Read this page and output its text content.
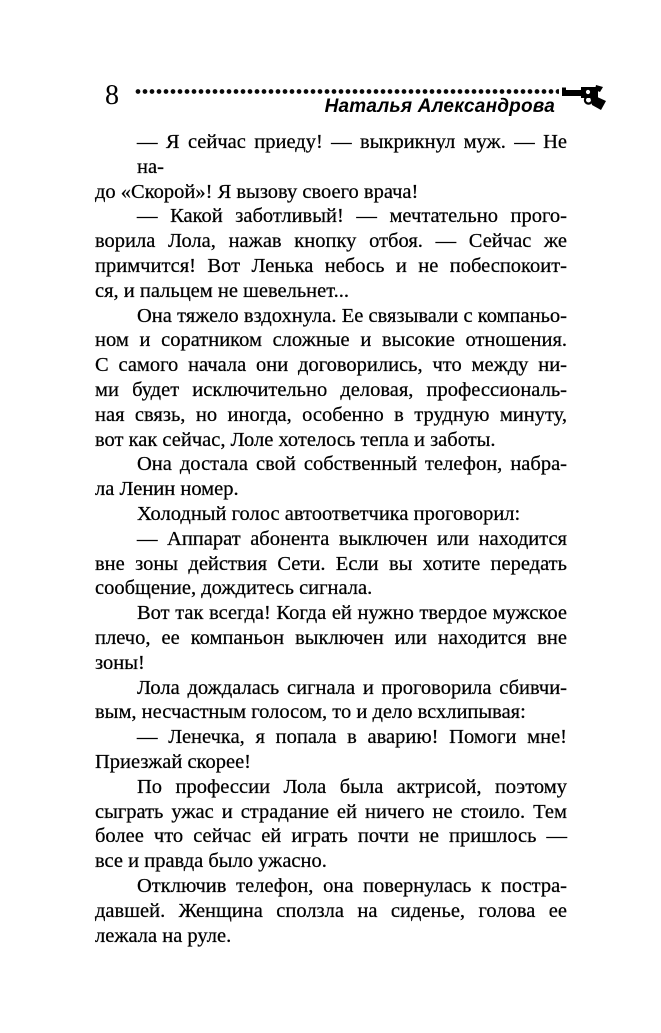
8	Наталья Александрова
— Я сейчас приеду! — выкрикнул муж. — Не на-
до «Скорой»! Я вызову своего врача!
— Какой заботливый! — мечтательно прого-
ворила Лола, нажав кнопку отбоя. — Сейчас же
примчится! Вот Ленька небось и не побеспокоит-
ся, и пальцем не шевельнет...
Она тяжело вздохнула. Ее связывали с компаньо-
ном и соратником сложные и высокие отношения.
С самого начала они договорились, что между ни-
ми будет исключительно деловая, профессиональ-
ная связь, но иногда, особенно в трудную минуту,
вот как сейчас, Лоле хотелось тепла и заботы.
Она достала свой собственный телефон, набра-
ла Ленин номер.
Холодный голос автоответчика проговорил:
— Аппарат абонента выключен или находится
вне зоны действия Сети. Если вы хотите передать
сообщение, дождитесь сигнала.
Вот так всегда! Когда ей нужно твердое мужское
плечо, ее компаньон выключен или находится вне
зоны!
Лола дождалась сигнала и проговорила сбивчи-
вым, несчастным голосом, то и дело всхлипывая:
— Ленечка, я попала в аварию! Помоги мне!
Приезжай скорее!
По профессии Лола была актрисой, поэтому
сыграть ужас и страдание ей ничего не стоило. Тем
более что сейчас ей играть почти не пришлось —
все и правда было ужасно.
Отключив телефон, она повернулась к постра-
давшей. Женщина сползла на сиденье, голова ее
лежала на руле.
